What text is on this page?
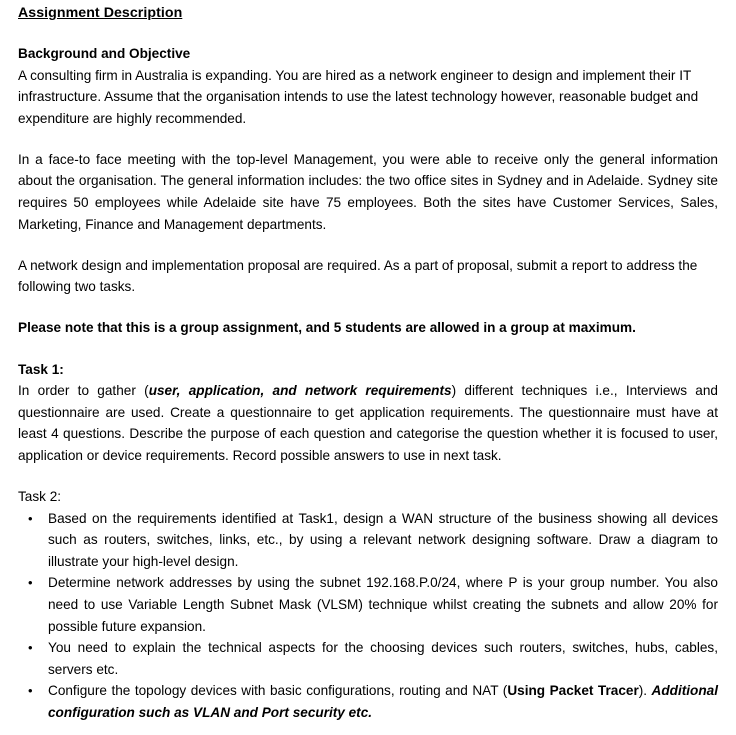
Assignment Description

Background and Objective

A consulting firm in Australia is expanding. You are hired as a network engineer to design and implement their IT infrastructure. Assume that the organisation intends to use the latest technology however, reasonable budget and expenditure are highly recommended.

In a face-to face meeting with the top-level Management, you were able to receive only the general information about the organisation. The general information includes: the two office sites in Sydney and in Adelaide. Sydney site requires 50 employees while Adelaide site have 75 employees. Both the sites have Customer Services, Sales, Marketing, Finance and Management departments.

A network design and implementation proposal are required. As a part of proposal, submit a report to address the following two tasks.

Please note that this is a group assignment, and 5 students are allowed in a group at maximum.

Task 1:

In order to gather (user, application, and network requirements) different techniques i.e., Interviews and questionnaire are used. Create a questionnaire to get application requirements. The questionnaire must have at least 4 questions. Describe the purpose of each question and categorise the question whether it is focused to user, application or device requirements. Record possible answers to use in next task.

Task 2:

• Based on the requirements identified at Task1, design a WAN structure of the business showing all devices such as routers, switches, links, etc., by using a relevant network designing software. Draw a diagram to illustrate your high-level design.
• Determine network addresses by using the subnet 192.168.P.0/24, where P is your group number. You also need to use Variable Length Subnet Mask (VLSM) technique whilst creating the subnets and allow 20% for possible future expansion.
• You need to explain the technical aspects for the choosing devices such routers, switches, hubs, cables, servers etc.
• Configure the topology devices with basic configurations, routing and NAT (Using Packet Tracer). Additional configuration such as VLAN and Port security etc.
